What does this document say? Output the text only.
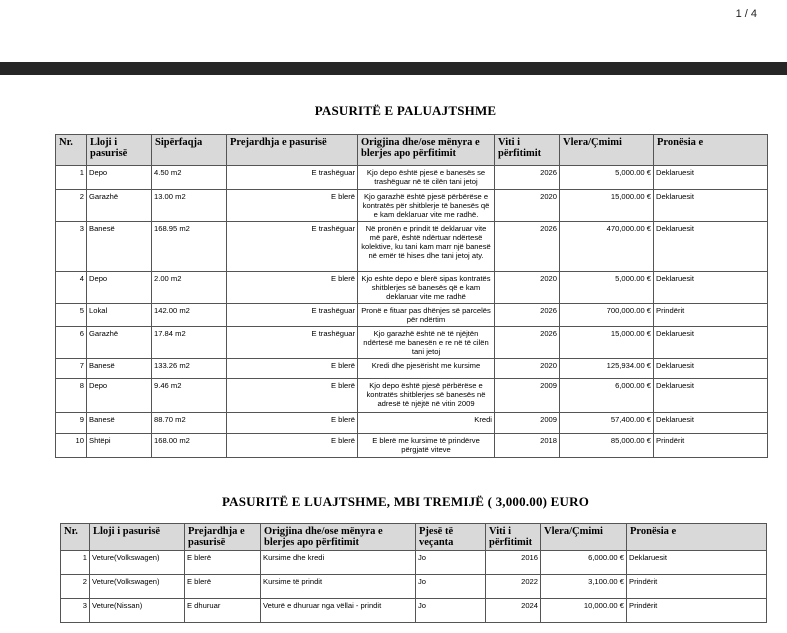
1 / 4
PASURITË E PALUAJTSHME
Nr.	Lloji i pasurisë	Sipërfaqja	Prejardhja e pasurisë	Origjina dhe/ose mënyra e blerjes apo përfitimit	Viti i përfitimit	Vlera/Çmimi	Pronësia e
1	Depo	4.50 m2	E trashëguar	Kjo depo është pjesë e banesës se trashëguar në të cilën tani jetoj	2026	5,000.00 €	Deklaruesit
2	Garazhë	13.00 m2	E blerë	Kjo garazhë është pjesë përbërëse e kontratës për shitblerje të banesës që e kam deklaruar vite me radhë.	2020	15,000.00 €	Deklaruesit
3	Banesë	168.95 m2	E trashëguar	Në pronën e prindit të deklaruar vite më parë, është ndërtuar ndërtesë kolektive, ku tani kam marr një banesë në emër të hises dhe tani jetoj aty.	2026	470,000.00 €	Deklaruesit
4	Depo	2.00 m2	E blerë	Kjo eshte depo e blerë sipas kontratës shitblerjes së banesës që e kam deklaruar vite me radhë	2020	5,000.00 €	Deklaruesit
5	Lokal	142.00 m2	E trashëguar	Pronë e fituar pas dhënjes së parcelës për ndërtim	2026	700,000.00 €	Prindërit
6	Garazhë	17.84 m2	E trashëguar	Kjo garazhë është në të njëjtën ndërtesë me banesën e re në të cilën tani jetoj	2026	15,000.00 €	Deklaruesit
7	Banesë	133.26 m2	E blerë	Kredi dhe pjesërisht me kursime	2020	125,934.00 €	Deklaruesit
8	Depo	9.46 m2	E blerë	Kjo depo është pjesë përbërëse e kontratës shitblerjes së banesës në adresë të njëjtë në vitin 2009	2009	6,000.00 €	Deklaruesit
9	Banesë	88.70 m2	E blerë	Kredi	2009	57,400.00 €	Deklaruesit
10	Shtëpi	168.00 m2	E blerë	E blerë me kursime të prindërve përgjatë viteve	2018	85,000.00 €	Prindërit
PASURITË E LUAJTSHME, MBI TREMIJË ( 3,000.00) EURO
Nr.	Lloji i pasurisë	Prejardhja e pasurisë	Origjina dhe/ose mënyra e blerjes apo përfitimit	Pjesë të veçanta	Viti i përfitimit	Vlera/Çmimi	Pronësia e
1	Veture(Volkswagen)	E blerë	Kursime dhe kredi	Jo	2016	6,000.00 €	Deklaruesit
2	Veture(Volkswagen)	E blerë	Kursime të prindit	Jo	2022	3,100.00 €	Prindërit
3	Veture(Nissan)	E dhuruar	Veturë e dhuruar nga vëllai - prindit	Jo	2024	10,000.00 €	Prindërit
